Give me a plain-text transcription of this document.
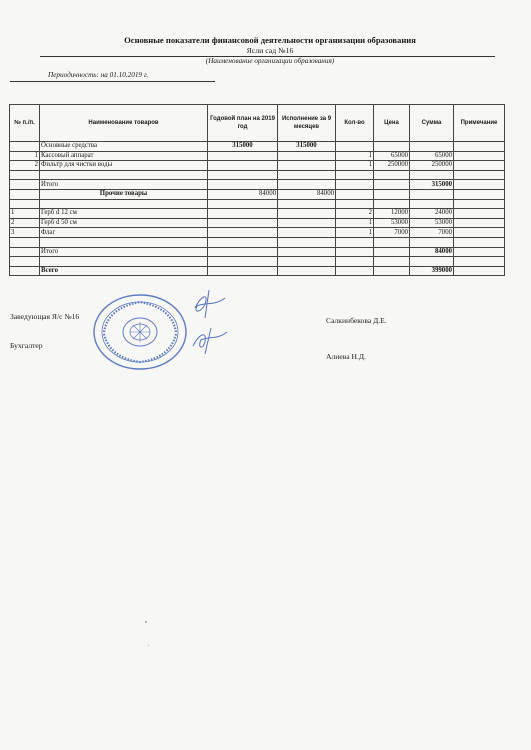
Основные показатели финансовой деятельности организации образования
Ясли сад №16
(Наименование организации образования)
Периодичность: на 01.10.2019 г.
№ п./п.	Наименование товаров	Годовой план на 2019 год	Исполнение за 9 месяцев	Кол-во	Цена	Сумма	Примечание
	Основные средства	315000	315000				
1	Кассовый аппарат			1	65000	65000	
2	Фильтр для чистки воды			1	250000	250000	

	Итого					315000	
	Прочие товары	84000	84000				

1	Герб d 12 см			2	12000	24000	
2	Герб d 50 см			1	53000	53000	
3	Флаг			1	7000	7000	

	Итого					84000	

	Всего					399000	
Заведующая Я/с №16	Салкинбекова Д.Е.
Бухгалтер
Алиева Н.Д.
